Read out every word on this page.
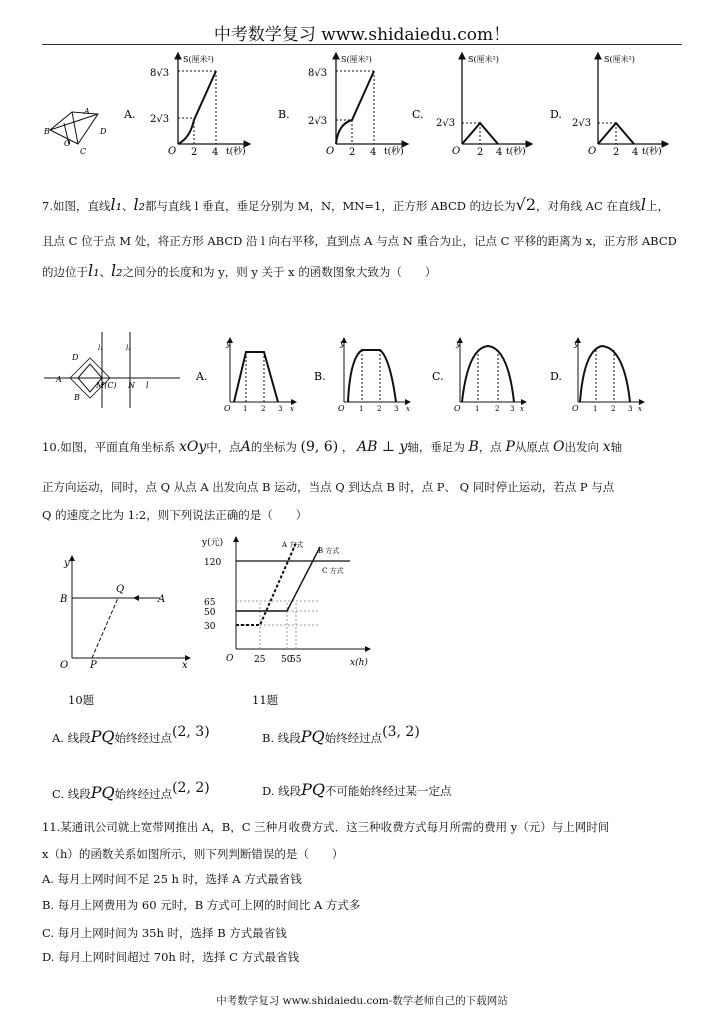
中考数学复习 www.shidaiedu.com！
A
B
C
D
O
A.
S(厘米²)
8√3
2√3
O 2 4 t(秒)
B.
S(厘米²)
8√3
2√3
O 2 4 t(秒)
C.
S(厘米²)
2√3
O 2 4 t(秒)
D.
S(厘米²)
2√3
O 2 4 t(秒)
7.如图，直线l₁、l₂都与直线 l 垂直，垂足分别为 M，N，MN=1，正方形 ABCD 的边长为√2，对角线 AC 在直线l上，
且点 C 位于点 M 处，将正方形 ABCD 沿 l 向右平移，直到点 A 与点 N 重合为止，记点 C 平移的距离为 x，正方形 ABCD
的边位于l₁、l₂之间分的长度和为 y，则 y 关于 x 的函数图象大致为（　　）
D
A
B
M(C) N l
l₁	l₂
A.
y
O 1 2 3 x
B.
y
O 1 2 3 x
C.
y
O 1 2 3 x
D.
y
O 1 2 3 x
10.如图，平面直角坐标系 xOy中，点A的坐标为 (9, 6) ， AB ⊥ y轴，垂足为 B，点 P从原点 O出发向 x轴
正方向运动，同时，点 Q 从点 A 出发向点 B 运动，当点 Q 到达点 B 时，点 P、 Q 同时停止运动，若点 P 与点
Q 的速度之比为 1:2，则下列说法正确的是（　　）
y
B
Q
A
O P	x
y(元)
x(h)
O
120
65
50
30
25 50
55
A 方式
B 方式
C 方式
10题	11题
A. 线段PQ始终经过点(2, 3)	B. 线段PQ始终经过点(3, 2)
C. 线段PQ始终经过点(2, 2)	D. 线段PQ不可能始终经过某一定点
11.某通讯公司就上宽带网推出 A，B，C 三种月收费方式．这三种收费方式每月所需的费用 y（元）与上网时间
x（h）的函数关系如图所示，则下列判断错误的是（　　）
A. 每月上网时间不足 25 h 时，选择 A 方式最省钱
B. 每月上网费用为 60 元时，B 方式可上网的时间比 A 方式多
C. 每月上网时间为 35h 时，选择 B 方式最省钱
D. 每月上网时间超过 70h 时，选择 C 方式最省钱
中考数学复习 www.shidaiedu.com-数学老师自己的下载网站
